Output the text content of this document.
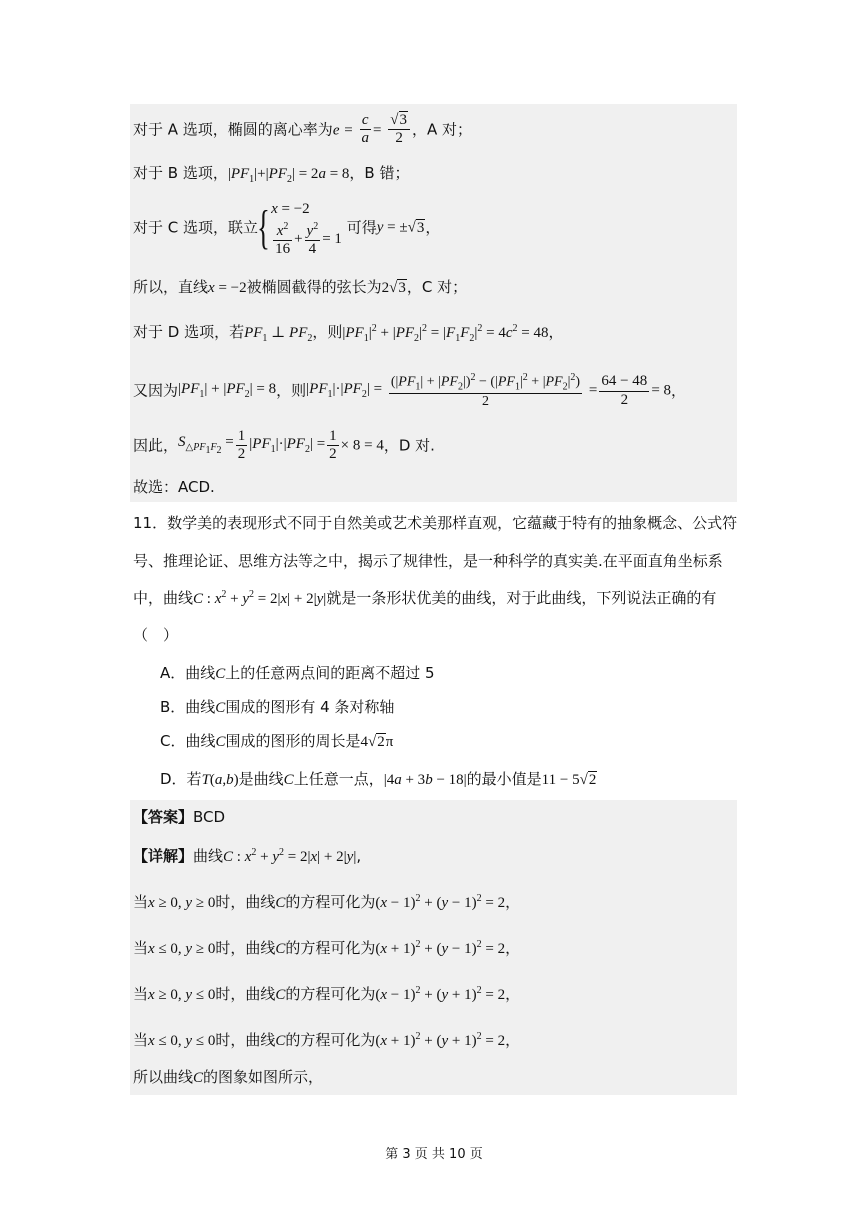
对于 A 选项，椭圆的离心率为$e = \frac{c}{a} = \frac{√3}{2}$ ，A 对；
对于 B 选项，$|PF_1|+|PF_2| = 2a = 8$，B 错；
对于 C 选项，联立{ x = −2
$\frac{x^2}{16} + \frac{y^2}{4} = 1$
可得y = ±√3，
所以，直线x = −2被椭圆截得的弦长为2√3，C 对；
对于 D 选项，若$PF_1$ ⊥ $PF_2$，则$|PF_1|^2 + |PF_2|^2 = |F_1F_2|^2 = 4c^2 = 48$，
又因为$|PF_1| + |PF_2| = 8$，则$|PF_1|\cdot|PF_2| = \frac{(|PF_1| + |PF_2|)^2 - (|PF_1|^2 + |PF_2|^2)}{2} = \frac{64 - 48}{2} = 8$，
因此，$S_{\triangle PF_1F_2} = \frac{1}{2} |PF_1|\cdot|PF_2| = \frac{1}{2} \times 8 = 4$，D 对.
故选：ACD.
11．数学美的表现形式不同于自然美或艺术美那样直观，它蕴藏于特有的抽象概念、公式符
号、推理论证、思维方法等之中，揭示了规律性，是一种科学的真实美.在平面直角坐标系
中，曲线C : $x^2 + y^2 = 2|x| + 2|y|$就是一条形状优美的曲线，对于此曲线，下列说法正确的有
（　）
A．曲线C上的任意两点间的距离不超过 5
B．曲线C围成的图形有 4 条对称轴
C．曲线C围成的图形的周长是4√2π
D．若T(a,b)是曲线C上任意一点，|4a + 3b − 18|的最小值是11 − 5√2
【答案】BCD
【详解】曲线C : $x^2 + y^2 = 2|x| + 2|y|$,
当x ≥ 0, y ≥ 0时，曲线C的方程可化为$(x - 1)^2 + (y - 1)^2 = 2$，
当x ≤ 0, y ≥ 0时，曲线C的方程可化为$(x + 1)^2 + (y - 1)^2 = 2$，
当x ≥ 0, y ≤ 0时，曲线C的方程可化为$(x - 1)^2 + (y + 1)^2 = 2$，
当x ≤ 0, y ≤ 0时，曲线C的方程可化为$(x + 1)^2 + (y + 1)^2 = 2$，
所以曲线C的图象如图所示，
第 3 页 共 10 页
